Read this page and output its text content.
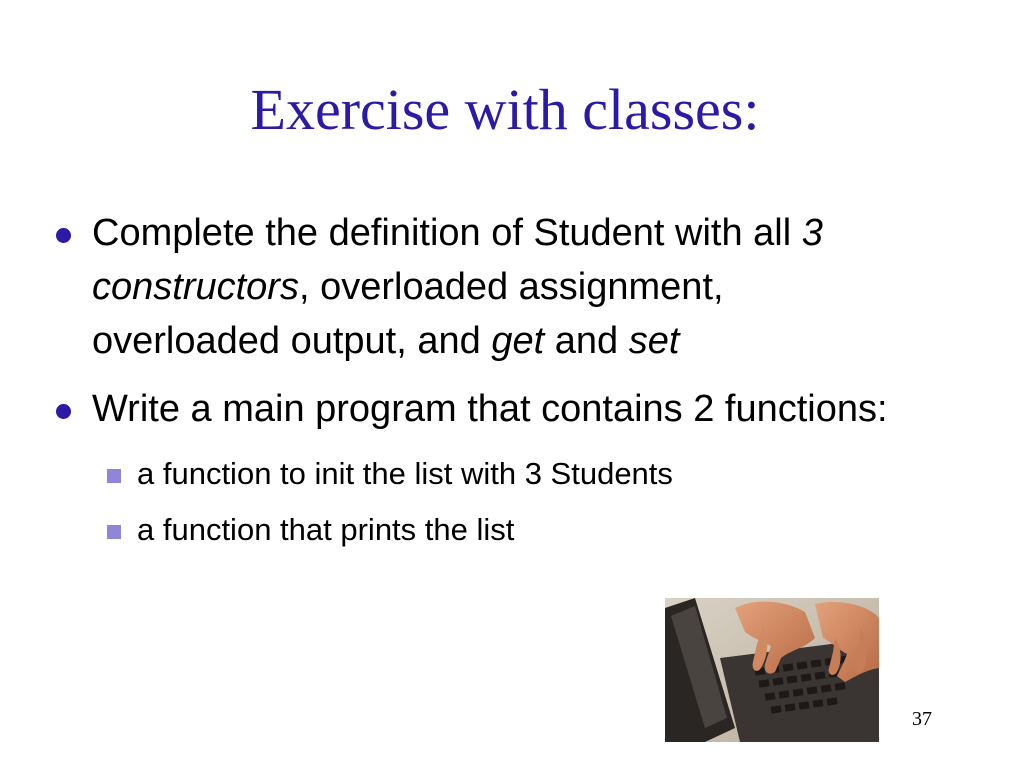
Exercise with classes:
Complete the definition of Student with all 3 constructors, overloaded assignment, overloaded output, and get and set
Write a main program that contains 2 functions:
a function to init the list with 3 Students
a function that prints the list
37
